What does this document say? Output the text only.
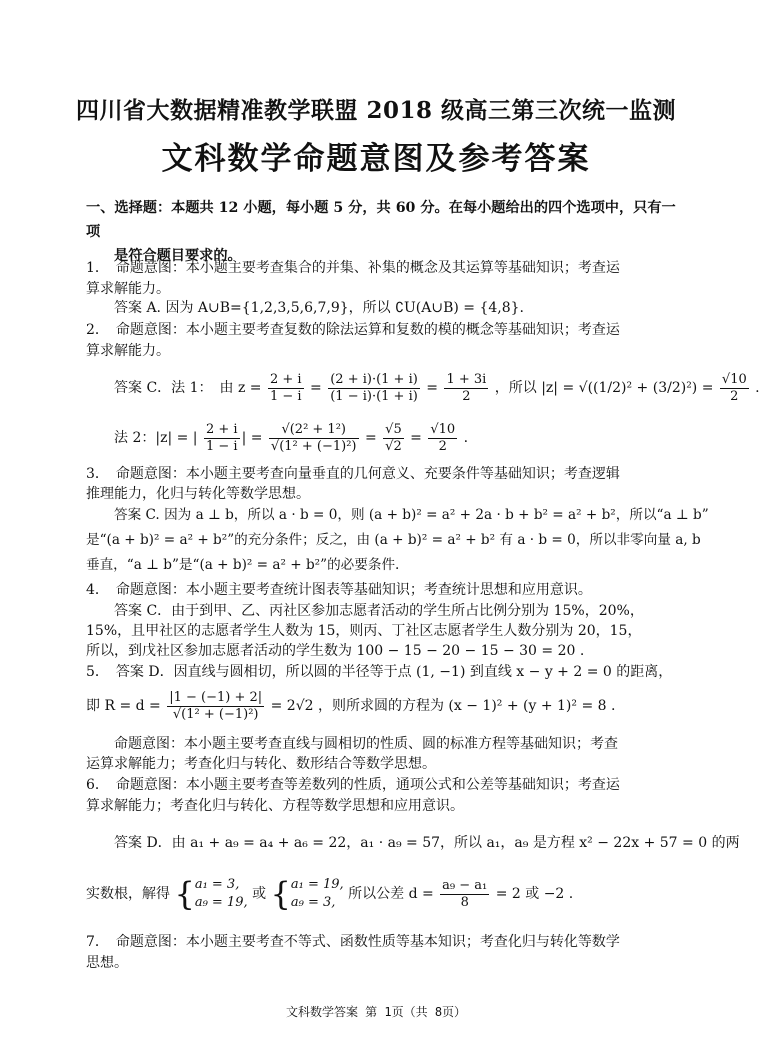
四川省大数据精准教学联盟 2018 级高三第三次统一监测
文科数学命题意图及参考答案
一、选择题：本题共 12 小题，每小题 5 分，共 60 分。在每小题给出的四个选项中，只有一项
是符合题目要求的。
1．　命题意图：本小题主要考查集合的并集、补集的概念及其运算等基础知识；考查运
算求解能力。
答案 A. 因为 A∪B={1,2,3,5,6,7,9}，所以 ∁U(A∪B) = {4,8}.
2．　命题意图：本小题主要考查复数的除法运算和复数的模的概念等基础知识；考查运
算求解能力。
答案 C．法 1：　由 $z = \frac{2 + i}{1 - i} = \frac{(2 + i)\cdot(1 + i)}{(1 - i)\cdot(1 + i)} = \frac{1 + 3i}{2}$ ，所以 $|z| = √((1/2)^2 + (3/2)^2) = \frac{√10}{2}$ .
法 2：|z| = | $\frac{2 + i}{1 - i}$ | = $\frac{\text{√(2² + 1²)}}{\text{√(1² + (−1)²)}} = \frac{√5}{√2} = \frac{√10}{2}$ .
3．　命题意图：本小题主要考查向量垂直的几何意义、充要条件等基础知识；考查逻辑
推理能力，化归与转化等数学思想。
答案 C. 因为 a ⊥ b，所以 a · b = 0，则 (a + b)² = a² + 2a · b + b² = a² + b²，所以“a ⊥ b”
是“(a + b)² = a² + b²”的充分条件；反之，由 (a + b)² = a² + b² 有 a · b = 0，所以非零向量 a, b
垂直，“a ⊥ b”是“(a + b)² = a² + b²”的必要条件.
4．　命题意图：本小题主要考查统计图表等基础知识；考查统计思想和应用意识。
答案 C．由于到甲、乙、丙社区参加志愿者活动的学生所占比例分别为 15%，20%，
15%，且甲社区的志愿者学生人数为 15，则丙、丁社区志愿者学生人数分别为 20，15，
所以，到戊社区参加志愿者活动的学生数为 100 − 15 − 20 − 15 − 30 = 20 .
5．　答案 D．因直线与圆相切，所以圆的半径等于点 (1, −1) 到直线 x − y + 2 = 0 的距离，
即 $R = d = \frac{|1 - (-1) + 2|}{\text{√(1² + (−1)²)}} = 2√2$ ，则所求圆的方程为 (x − 1)² + (y + 1)² = 8 .
命题意图：本小题主要考查直线与圆相切的性质、圆的标准方程等基础知识；考查
运算求解能力；考查化归与转化、数形结合等数学思想。
6．　命题意图：本小题主要考查等差数列的性质，通项公式和公差等基础知识；考查运
算求解能力；考查化归与转化、方程等数学思想和应用意识。
答案 D．由 a₁ + a₉ = a₄ + a₆ = 22，a₁ · a₉ = 57，所以 a₁，a₉ 是方程 x² − 22x + 57 = 0 的两
实数根，解得 { a₁ = 3,
a₉ = 19,
或 { a₁ = 19,
a₉ = 3,
所以公差 $d = \frac{\text{a₉ − a₁}}{8} = 2$ 或 −2 .
7．　命题意图：本小题主要考查不等式、函数性质等基本知识；考查化归与转化等数学
思想。
文科数学答案 第 1页（共 8页）
